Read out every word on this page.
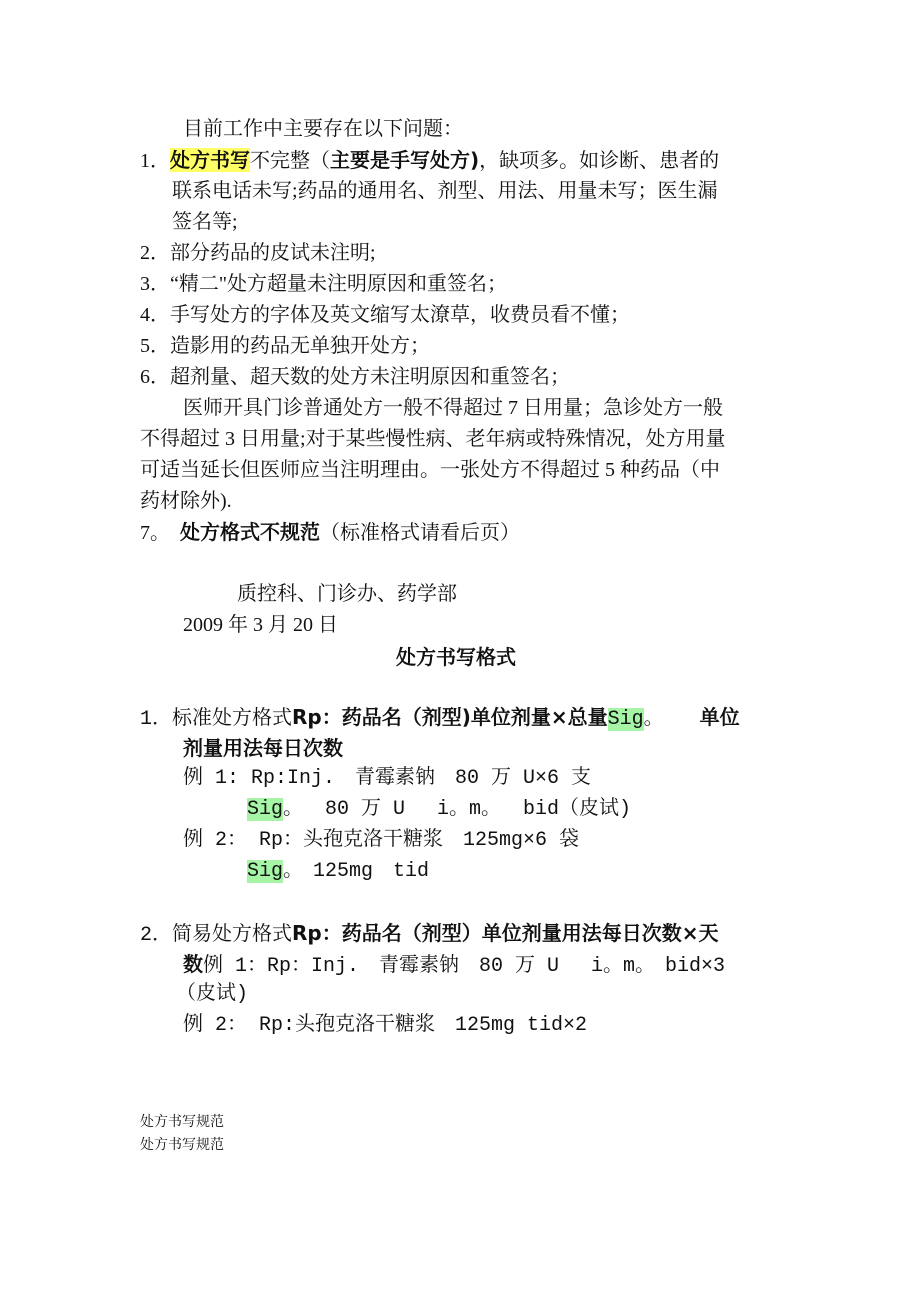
目前工作中主要存在以下问题：
1．处方书写不完整（主要是手写处方)，缺项多。如诊断、患者的
联系电话未写;药品的通用名、剂型、用法、用量未写；医生漏
签名等;
2．部分药品的皮试未注明;
3．“精二"处方超量未注明原因和重签名；
4．手写处方的字体及英文缩写太潦草，收费员看不懂；
5．造影用的药品无单独开处方；
6．超剂量、超天数的处方未注明原因和重签名；
医师开具门诊普通处方一般不得超过 7 日用量；急诊处方一般
不得超过 3 日用量;对于某些慢性病、老年病或特殊情况，处方用量
可适当延长但医师应当注明理由。一张处方不得超过 5 种药品（中
药材除外).
7。 处方格式不规范（标准格式请看后页）
质控科、门诊办、药学部
2009 年 3 月 20 日
处方书写格式
1．标准处方格式Rp：药品名（剂型)单位剂量×总量Sig。 单位
剂量用法每日次数
例 1: Rp:Inj.　青霉素钠　80 万 U×6 支
Sig。　 80 万 U　 i。m。　 bid（皮试)
例 2： Rp：头孢克洛干糖浆　125mg×6 袋
Sig。　125mg　tid
2．简易处方格式Rp：药品名（剂型）单位剂量用法每日次数×天
数例 1：Rp：Inj.　青霉素钠　80 万 U　 i。m。　bid×3
（皮试)
例 2： Rp:头孢克洛干糖浆　125mg tid×2
处方书写规范
处方书写规范
